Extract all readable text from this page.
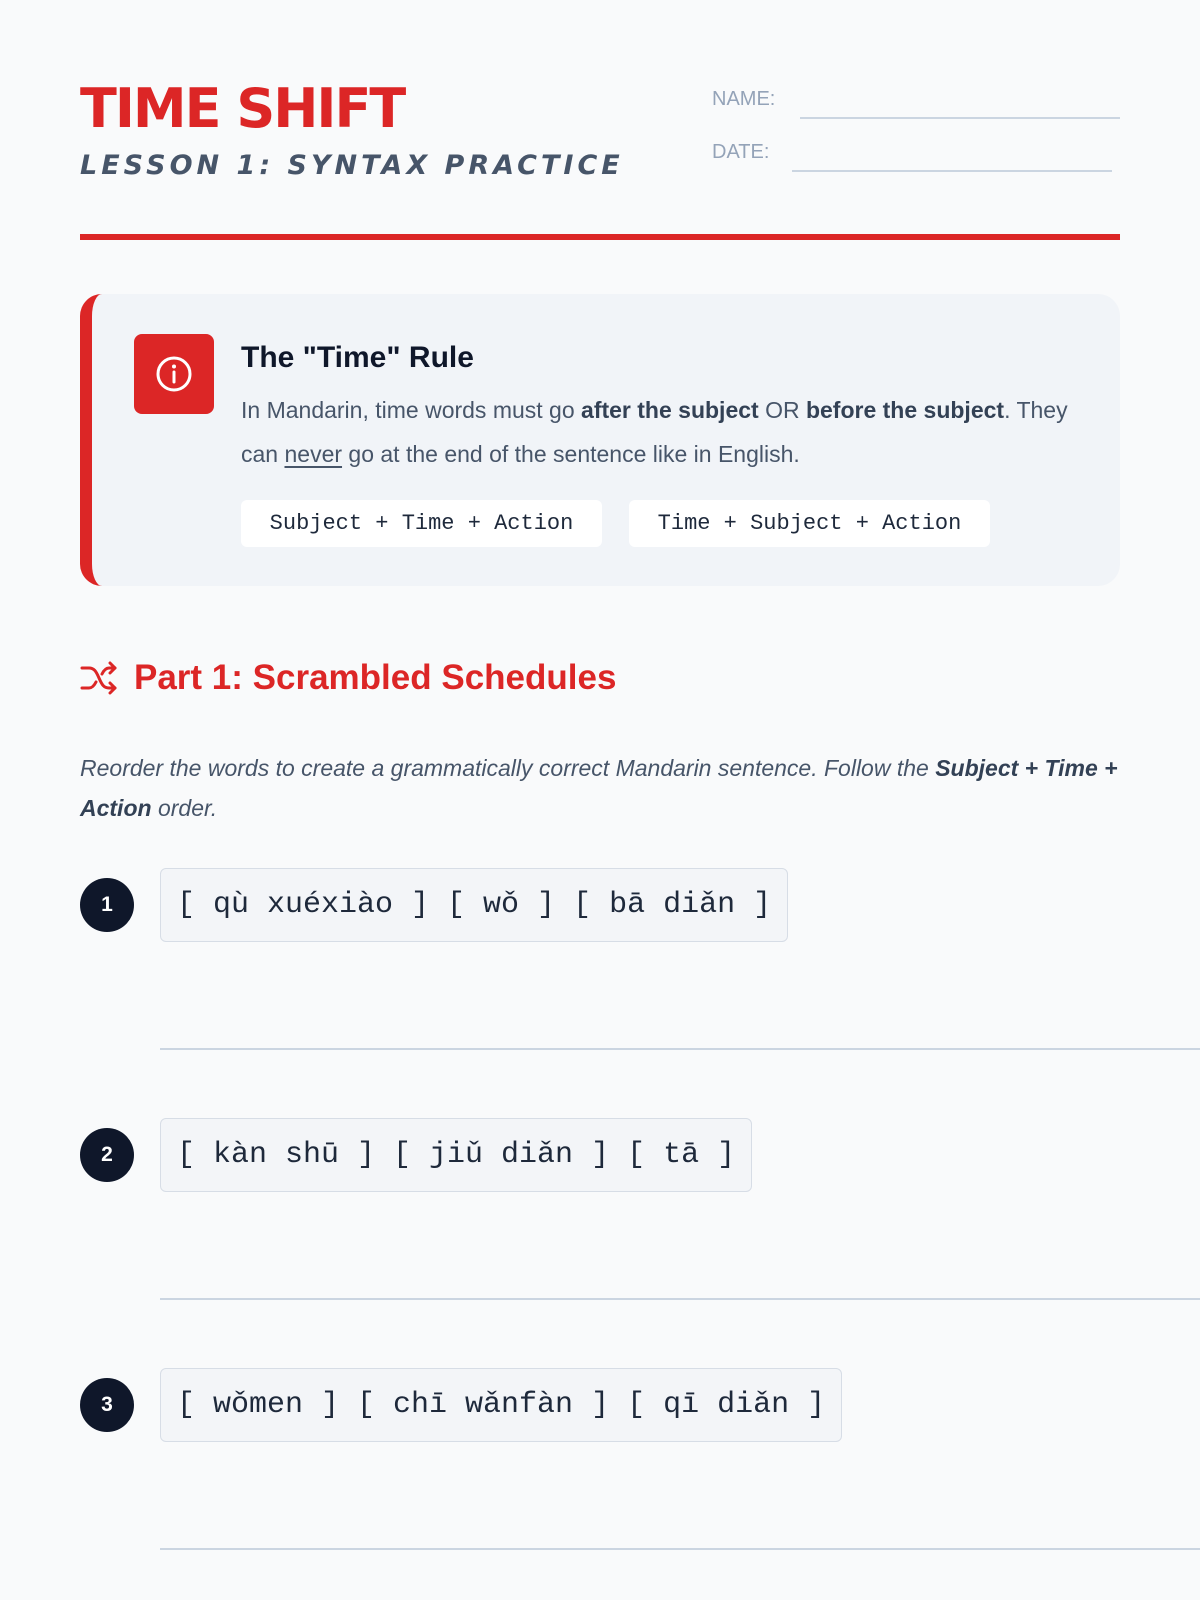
TIME SHIFT
LESSON 1: SYNTAX PRACTICE
NAME:
DATE:
The "Time" Rule

In Mandarin, time words must go after the subject OR before the subject. They can never go at the end of the sentence like in English.

Subject + Time + Action	Time + Subject + Action
Part 1: Scrambled Schedules

Reorder the words to create a grammatically correct Mandarin sentence. Follow the Subject + Time + Action order.

1	[ qù xuéxiào ] [ wǒ ] [ bā diǎn ]
2	[ kàn shū ] [ jiǔ diǎn ] [ tā ]
3	[ wǒmen ] [ chī wǎnfàn ] [ qī diǎn ]
